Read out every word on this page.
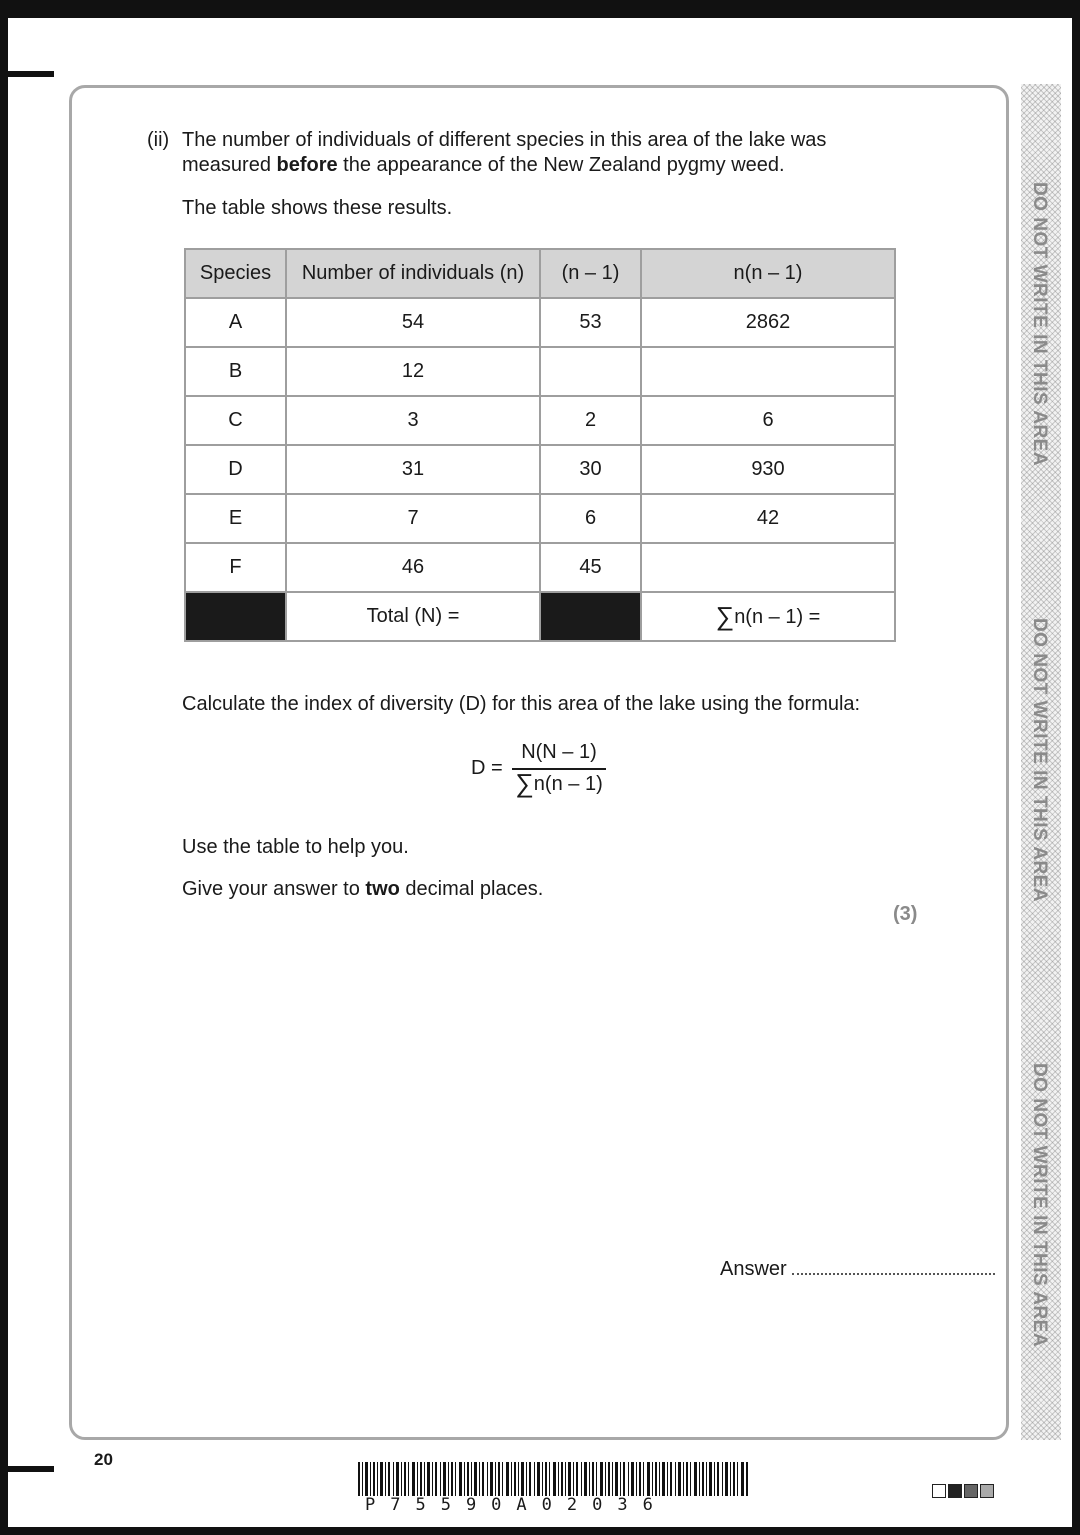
DO NOT WRITE IN THIS AREA
DO NOT WRITE IN THIS AREA
DO NOT WRITE IN THIS AREA
(ii) The number of individuals of different species in this area of the lake was
measured before the appearance of the New Zealand pygmy weed.
The table shows these results.
Species	Number of individuals (n)	(n – 1)	n(n – 1)
A	54	53	2862
B	12		
C	3	2	6
D	31	30	930
E	7	6	42
F	46	45	
	Total (N) =		∑n(n – 1) =
Calculate the index of diversity (D) for this area of the lake using the formula:
D =
N(N – 1)
∑n(n – 1)
Use the table to help you.
Give your answer to two decimal places.
(3)
Answer
20
P75590A02036
